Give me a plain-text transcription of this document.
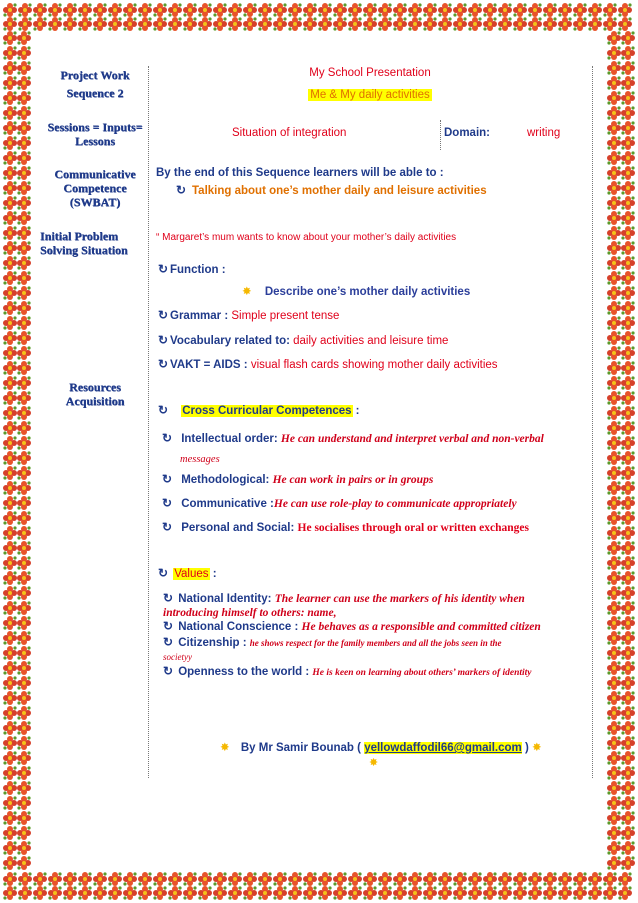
Project Work
Sequence 2
Sessions = Inputs=
Lessons
Communicative
Competence
(SWBAT)
Initial Problem
Solving Situation
Resources
Acquisition
My School Presentation
Me & My daily activities
Situation of integration	Domain:	writing
By the end of this Sequence learners will be able to :
↻ Talking about one’s mother daily and leisure activities
“ Margaret’s mum wants to know about your mother’s daily activities
↻ Function :
✸ Describe one’s mother daily activities
↻ Grammar : Simple present tense
↻ Vocabulary related to: daily activities and leisure time
↻ VAKT = AIDS : visual flash cards showing mother daily activities
↻ Cross Curricular Competences :
↻ Intellectual order: He can understand and interpret verbal and non-verbal
messages
↻ Methodological: He can work in pairs or in groups
↻ Communicative :He can use role-play to communicate appropriately
↻ Personal and Social: He socialises through oral or written exchanges
↻ Values :
↻ National Identity: The learner can use the markers of his identity when
introducing himself to others: name,
↻ National Conscience : He behaves as a responsible and committed citizen
↻ Citizenship : he shows respect for the family members and all the jobs seen in the
societyy
↻ Openness to the world : He is keen on learning about others’ markers of identity
✸ By Mr Samir Bounab ( yellowdaffodil66@gmail.com ) ✸
✸
